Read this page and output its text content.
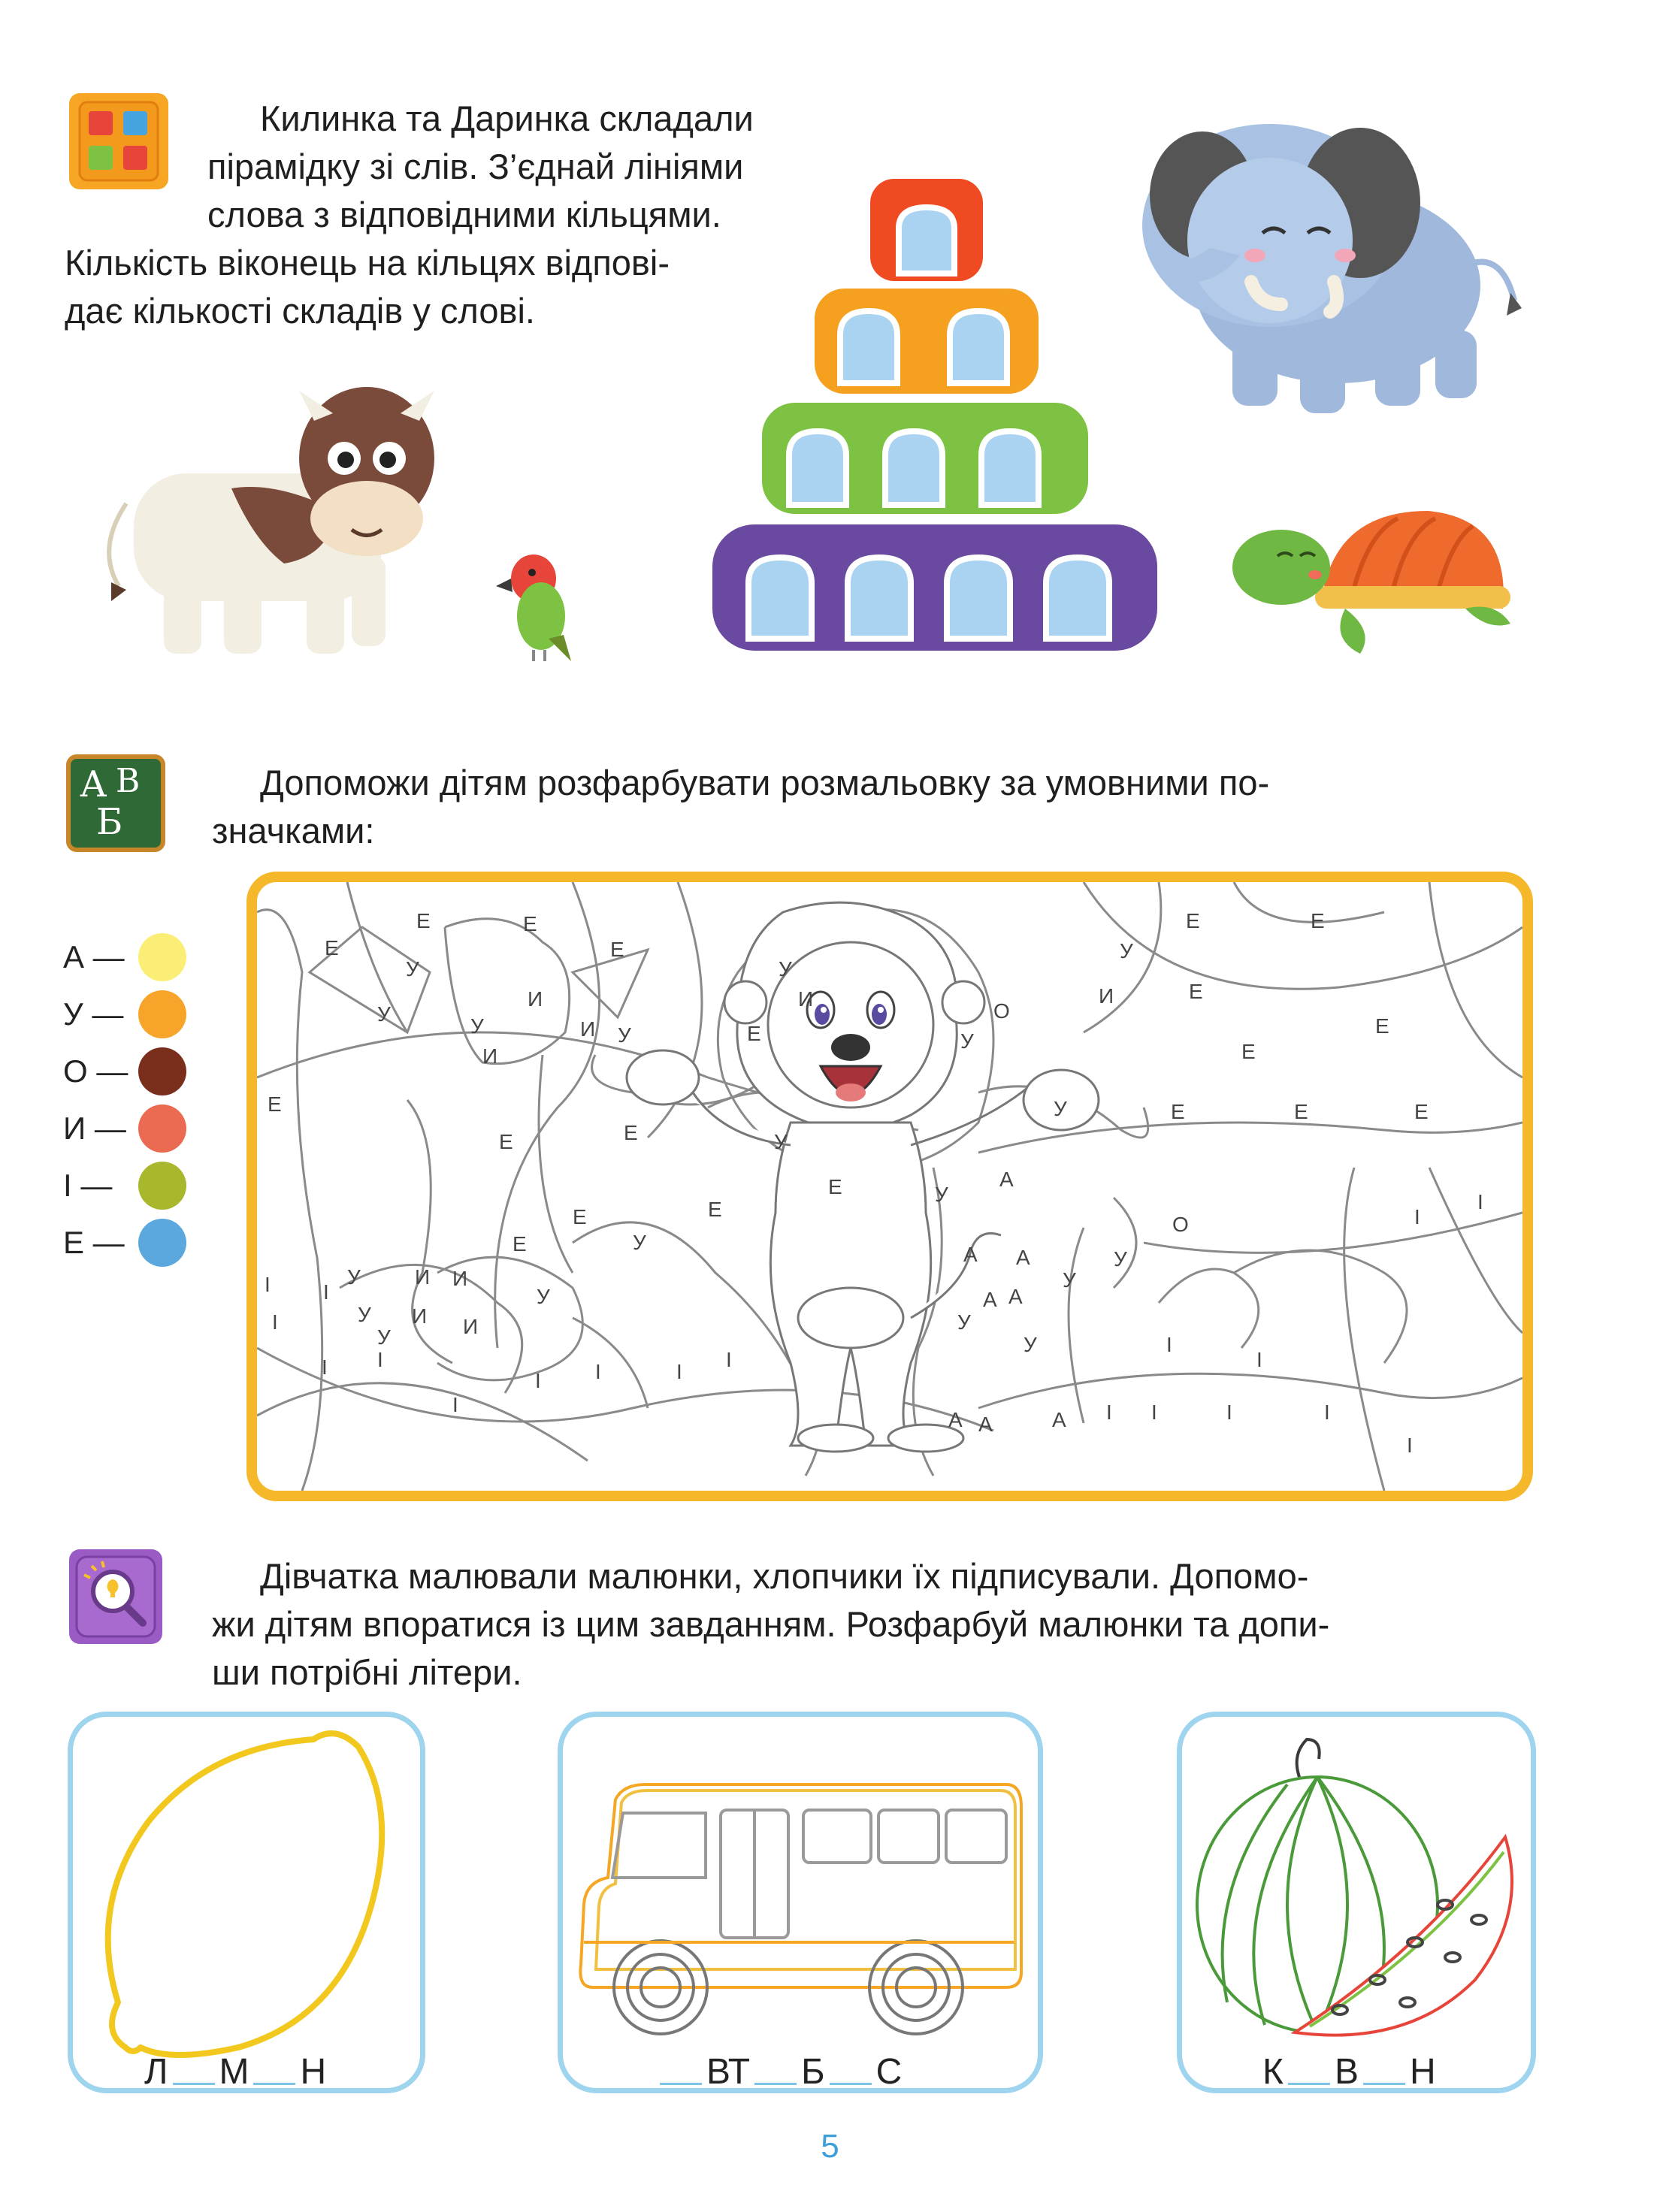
Килинка та Даринка складали
пірамідку зі слів. З’єднай лініями
слова з відповідними кільцями.
Кількість віконець на кільцях відпові-
дає кількості складів у слові.
А В
Б
Допоможи дітям розфарбувати розмальовку за умовними по-
значками:
А —
У —
О —
И —
І —
Е —
Е
Е	Е
Е
У
У
И
И
И
У	У
Е
Е	Е
Е
Е
Е
У
У
И
У
У
О
У
И
У
У	Е	Е
Е
Е
Е	Е
А
А А
А А
У
У
У
О
У
А А	А
Е
Е
У
У
У
И И
И И
У
І
І
І
І І
І
І	І	І
І
І І
І
І
І
І
І
І
І
Е
Е
Дівчатка малювали малюнки, хлопчики їх підписували. Допомо-
жи дітям впоратися із цим завданням. Розфарбуй малюнки та допи-
ши потрібні літери.
Л М Н	ВТ Б С	К В Н
5
